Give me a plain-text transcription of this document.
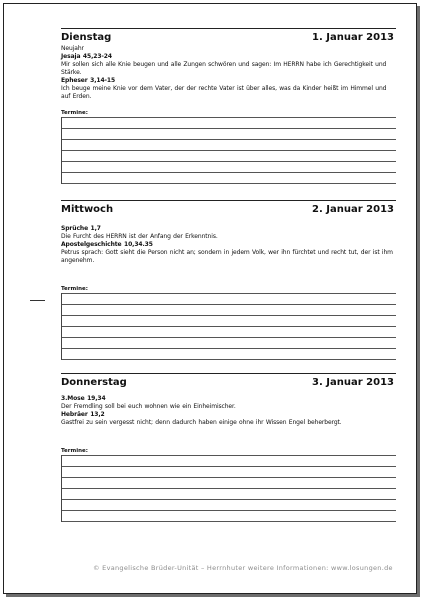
Dienstag	1. Januar 2013
Neujahr
Jesaja 45,23-24
Mir sollen sich alle Knie beugen und alle Zungen schwören und sagen: Im HERRN habe ich Gerechtigkeit und Stärke.
Epheser 3,14-15
Ich beuge meine Knie vor dem Vater, der der rechte Vater ist über alles, was da Kinder heißt im Himmel und auf Erden.
Termine:
Mittwoch	2. Januar 2013
Sprüche 1,7
Die Furcht des HERRN ist der Anfang der Erkenntnis.
Apostelgeschichte 10,34.35
Petrus sprach: Gott sieht die Person nicht an; sondern in jedem Volk, wer ihn fürchtet und recht tut, der ist ihm angenehm.
Termine:
Donnerstag	3. Januar 2013
3.Mose 19,34
Der Fremdling soll bei euch wohnen wie ein Einheimischer.
Hebräer 13,2
Gastfrei zu sein vergesst nicht; denn dadurch haben einige ohne ihr Wissen Engel beherbergt.
Termine:
© Evangelische Brüder-Unität – Herrnhuter weitere Informationen: www.losungen.de
